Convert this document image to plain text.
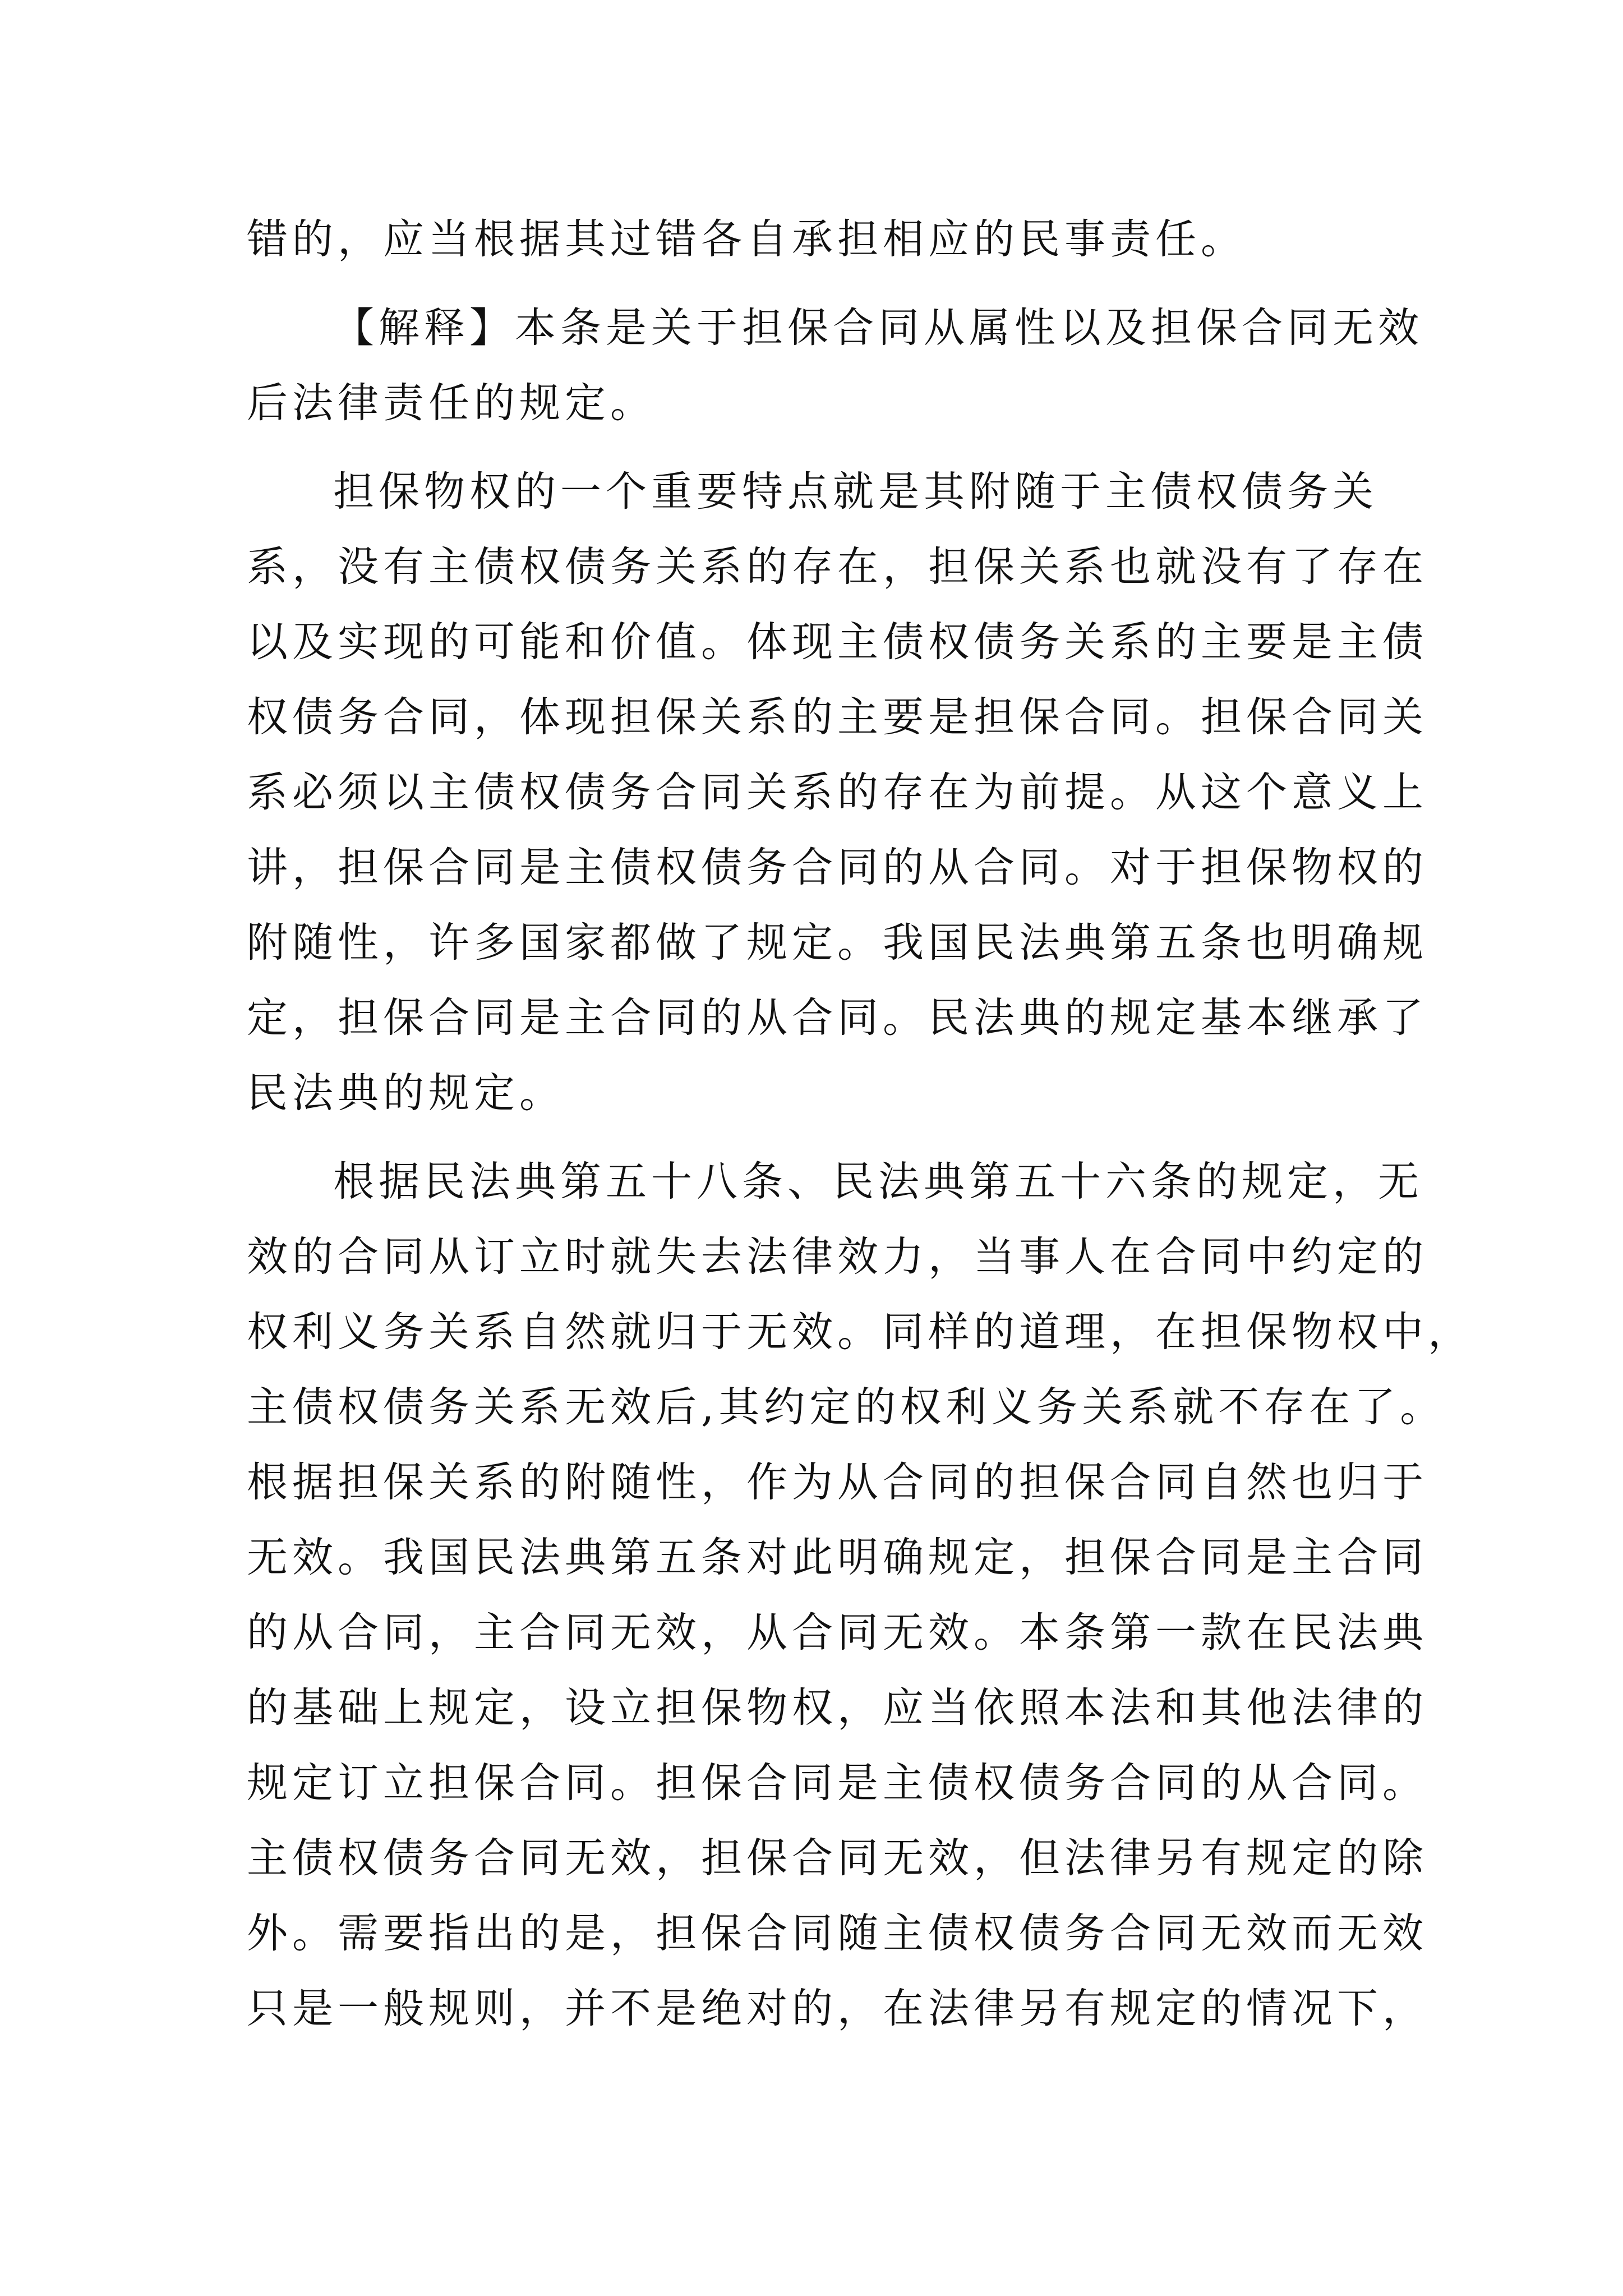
错的，应当根据其过错各自承担相应的民事责任。
【解释】本条是关于担保合同从属性以及担保合同无效
后法律责任的规定。
担保物权的一个重要特点就是其附随于主债权债务关
系，没有主债权债务关系的存在，担保关系也就没有了存在
以及实现的可能和价值。体现主债权债务关系的主要是主债
权债务合同，体现担保关系的主要是担保合同。担保合同关
系必须以主债权债务合同关系的存在为前提。从这个意义上
讲，担保合同是主债权债务合同的从合同。对于担保物权的
附随性，许多国家都做了规定。我国民法典第五条也明确规
定，担保合同是主合同的从合同。民法典的规定基本继承了
民法典的规定。
根据民法典第五十八条、民法典第五十六条的规定，无
效的合同从订立时就失去法律效力，当事人在合同中约定的
权利义务关系自然就归于无效。同样的道理，在担保物权中，
主债权债务关系无效后,其约定的权利义务关系就不存在了。
根据担保关系的附随性，作为从合同的担保合同自然也归于
无效。我国民法典第五条对此明确规定，担保合同是主合同
的从合同，主合同无效，从合同无效。本条第一款在民法典
的基础上规定，设立担保物权，应当依照本法和其他法律的
规定订立担保合同。担保合同是主债权债务合同的从合同。
主债权债务合同无效，担保合同无效，但法律另有规定的除
外。需要指出的是，担保合同随主债权债务合同无效而无效
只是一般规则，并不是绝对的，在法律另有规定的情况下，
